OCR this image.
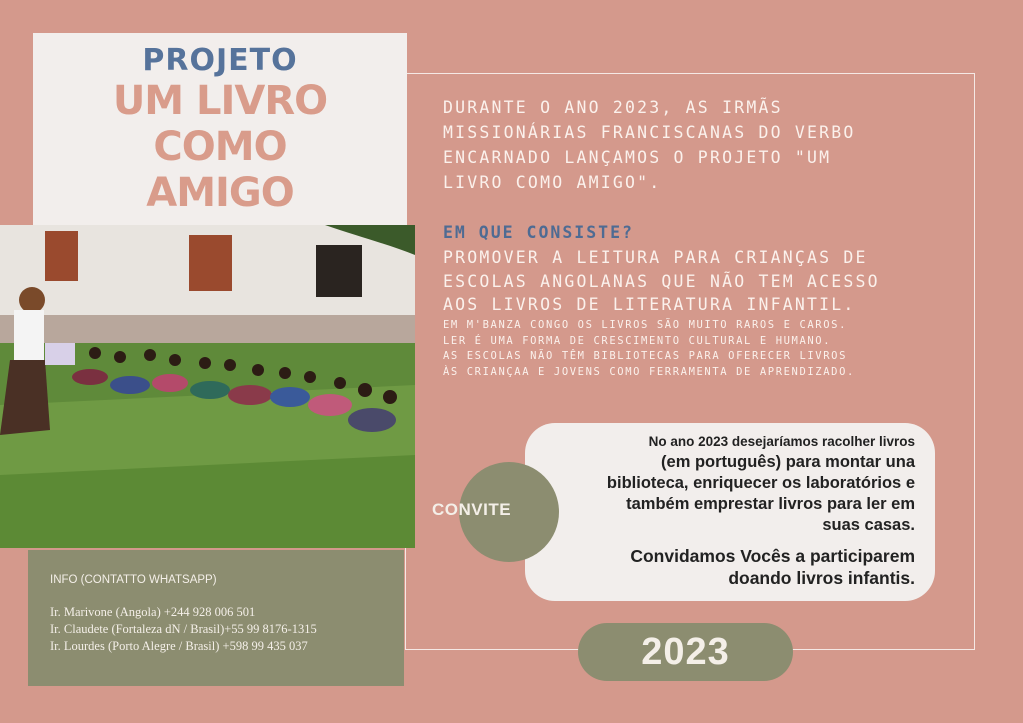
PROJETO
UM LIVRO
COMO
AMIGO
INFO (CONTATTO WHATSAPP)
Ir. Marivone (Angola) +244 928 006 501
Ir. Claudete (Fortaleza dN / Brasil)+55 99 8176-1315
Ir. Lourdes (Porto Alegre / Brasil) +598 99 435 037
DURANTE O ANO 2023, AS IRMÃS
MISSIONÁRIAS FRANCISCANAS DO VERBO
ENCARNADO LANÇAMOS O PROJETO "UM
LIVRO COMO AMIGO".
EM QUE CONSISTE?
PROMOVER A LEITURA PARA CRIANÇAS DE
ESCOLAS ANGOLANAS QUE NÃO TEM ACESSO
AOS LIVROS DE LITERATURA INFANTIL.
EM M'BANZA CONGO OS LIVROS SÃO MUITO RAROS E CAROS.
LER É UMA FORMA DE CRESCIMENTO CULTURAL E HUMANO.
AS ESCOLAS NÃO TÊM BIBLIOTECAS PARA OFERECER LIVROS
ÀS CRIANÇAA E JOVENS COMO FERRAMENTA DE APRENDIZADO.
No ano 2023 desejaríamos racolher livros
(em português) para montar una
biblioteca, enriquecer os laboratórios e
também emprestar livros para ler em
suas casas.
Convidamos Vocês a participarem
doando livros infantis.
CONVITE
2023
